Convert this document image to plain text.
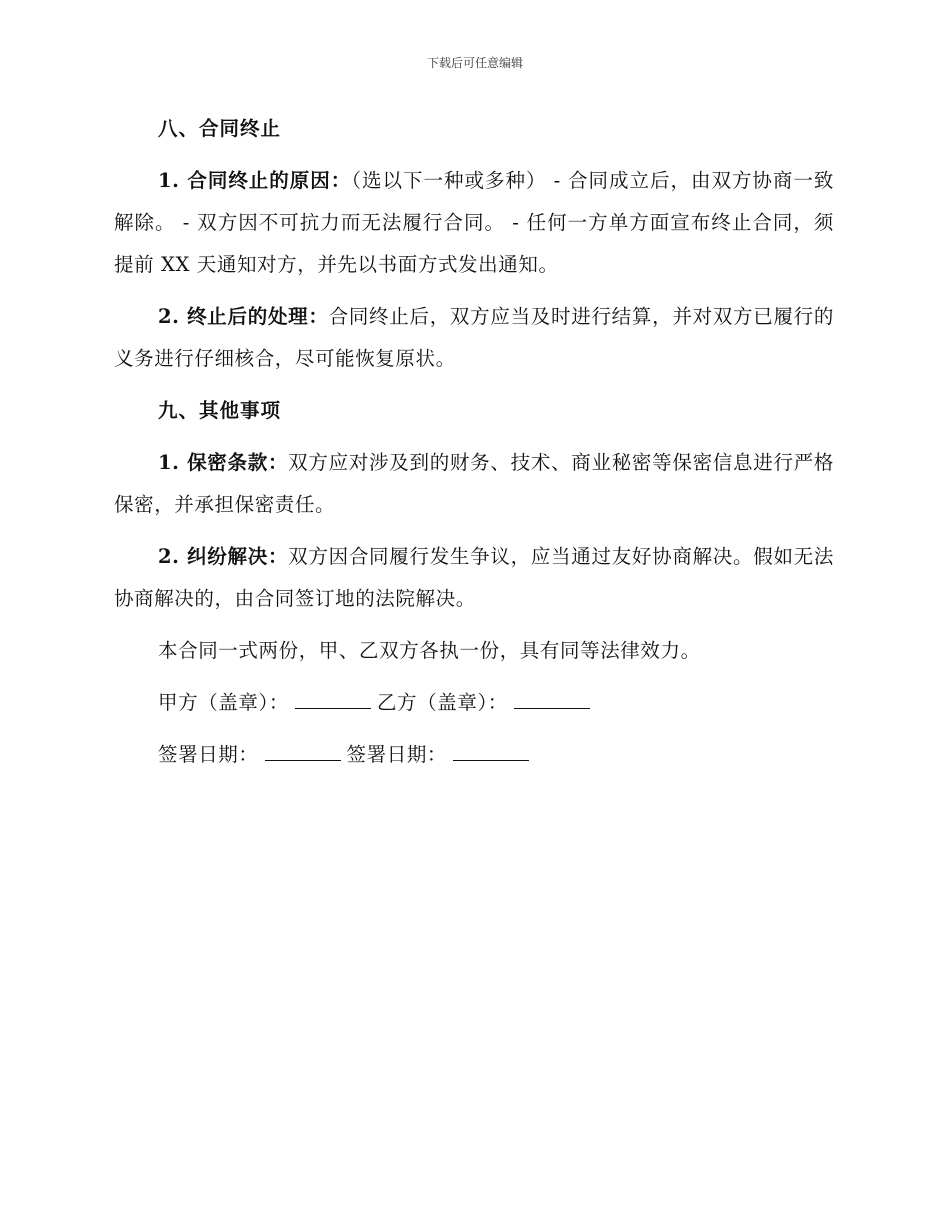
下载后可任意编辑

八、合同终止

1. 合同终止的原因：（选以下一种或多种） - 合同成立后，由双方协商一致解除。 - 双方因不可抗力而无法履行合同。 - 任何一方单方面宣布终止合同，须提前 XX 天通知对方，并先以书面方式发出通知。

2. 终止后的处理：合同终止后，双方应当及时进行结算，并对双方已履行的义务进行仔细核合，尽可能恢复原状。

九、其他事项

1. 保密条款：双方应对涉及到的财务、技术、商业秘密等保密信息进行严格保密，并承担保密责任。

2. 纠纷解决：双方因合同履行发生争议，应当通过友好协商解决。假如无法协商解决的，由合同签订地的法院解决。

本合同一式两份，甲、乙双方各执一份，具有同等法律效力。

甲方（盖章）：	乙方（盖章）：

签署日期：	签署日期：
